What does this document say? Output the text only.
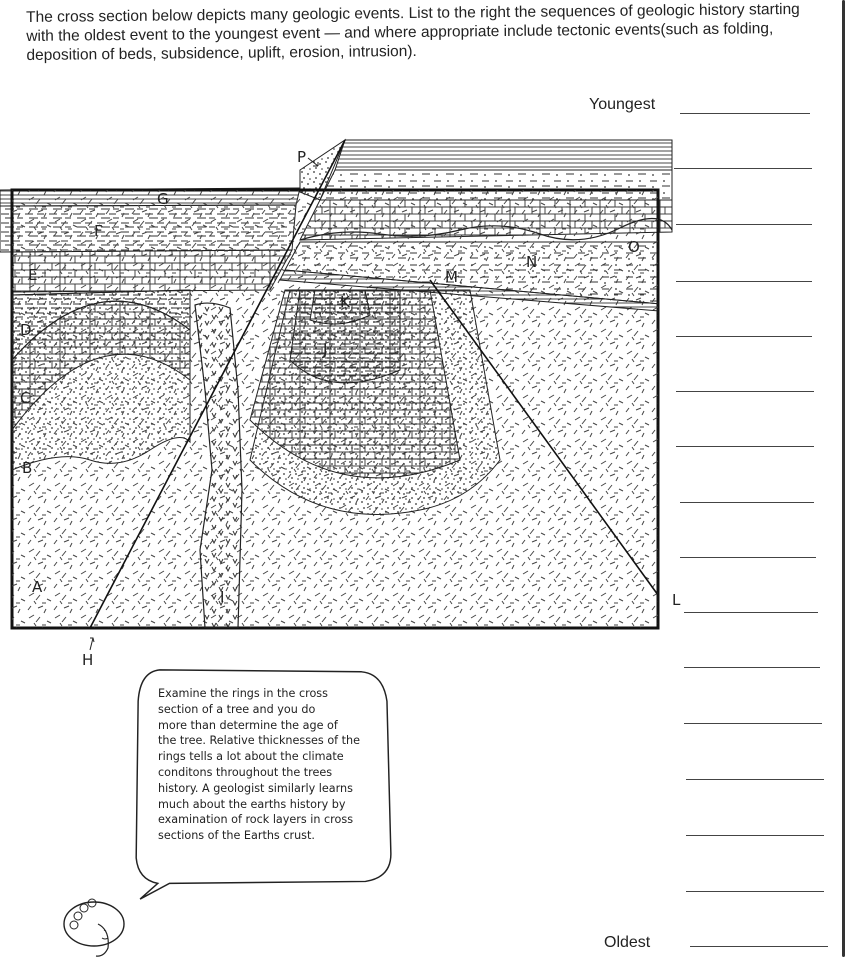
The cross section below depicts many geologic events. List to the right the sequences of geologic history starting with the oldest event to the youngest event — and where appropriate include tectonic events(such as folding, deposition of beds, subsidence, uplift, erosion, intrusion).
Youngest
Oldest
A
B
C
D
E
F
G
H
I
J
K
L
M
N
O
P
Examine the rings in the cross
section of a tree and you do
more than determine the age of
the tree. Relative thicknesses of the
rings tells a lot about the climate
conditons throughout the trees
history. A geologist similarly learns
much about the earths history by
examination of rock layers in cross
sections of the Earths crust.
